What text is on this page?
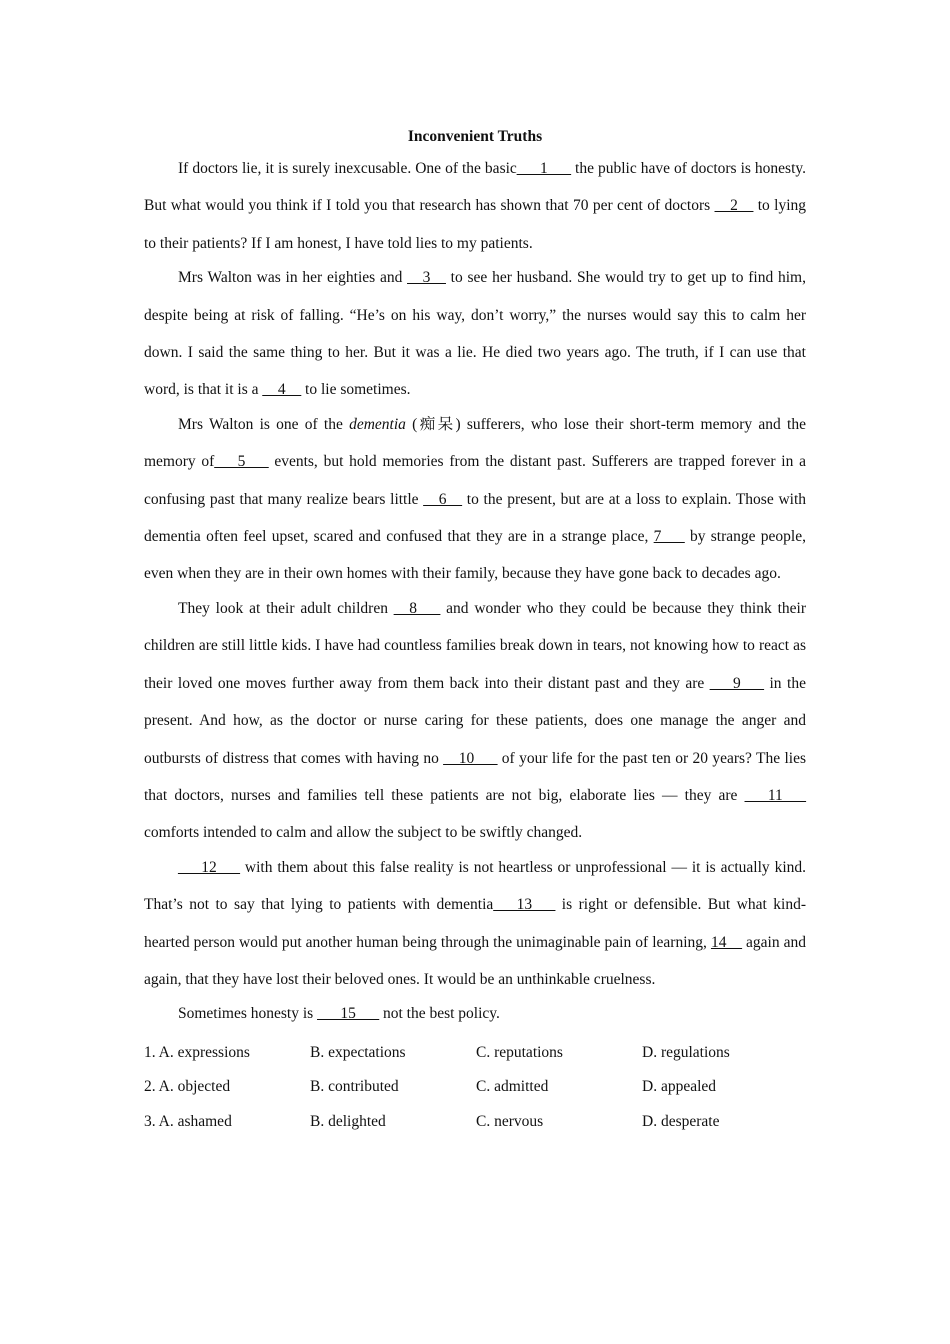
Inconvenient Truths

If doctors lie, it is surely inexcusable. One of the basic___1___ the public have of doctors is honesty. But what would you think if I told you that research has shown that 70 per cent of doctors __2__ to lying to their patients? If I am honest, I have told lies to my patients.

Mrs Walton was in her eighties and __3__ to see her husband. She would try to get up to find him, despite being at risk of falling. “He’s on his way, don’t worry,” the nurses would say this to calm her down. I said the same thing to her. But it was a lie. He died two years ago. The truth, if I can use that word, is that it is a __4__ to lie sometimes.

Mrs Walton is one of the dementia (痴呆) sufferers, who lose their short-term memory and the memory of___5___ events, but hold memories from the distant past. Sufferers are trapped forever in a confusing past that many realize bears little __6__ to the present, but are at a loss to explain. Those with dementia often feel upset, scared and confused that they are in a strange place, 7___ by strange people, even when they are in their own homes with their family, because they have gone back to decades ago.

They look at their adult children __8___ and wonder who they could be because they think their children are still little kids. I have had countless families break down in tears, not knowing how to react as their loved one moves further away from them back into their distant past and they are ___9___ in the present. And how, as the doctor or nurse caring for these patients, does one manage the anger and outbursts of distress that comes with having no __10___ of your life for the past ten or 20 years? The lies that doctors, nurses and families tell these patients are not big, elaborate lies — they are ___11___ comforts intended to calm and allow the subject to be swiftly changed.

___12___ with them about this false reality is not heartless or unprofessional — it is actually kind. That’s not to say that lying to patients with dementia___13___ is right or defensible. But what kind-hearted person would put another human being through the unimaginable pain of learning, 14__ again and again, that they have lost their beloved ones. It would be an unthinkable cruelness.

Sometimes honesty is ___15___ not the best policy.

1. A. expressions	B. expectations	C. reputations	D. regulations
2. A. objected	B. contributed	C. admitted	D. appealed
3. A. ashamed	B. delighted	C. nervous	D. desperate
